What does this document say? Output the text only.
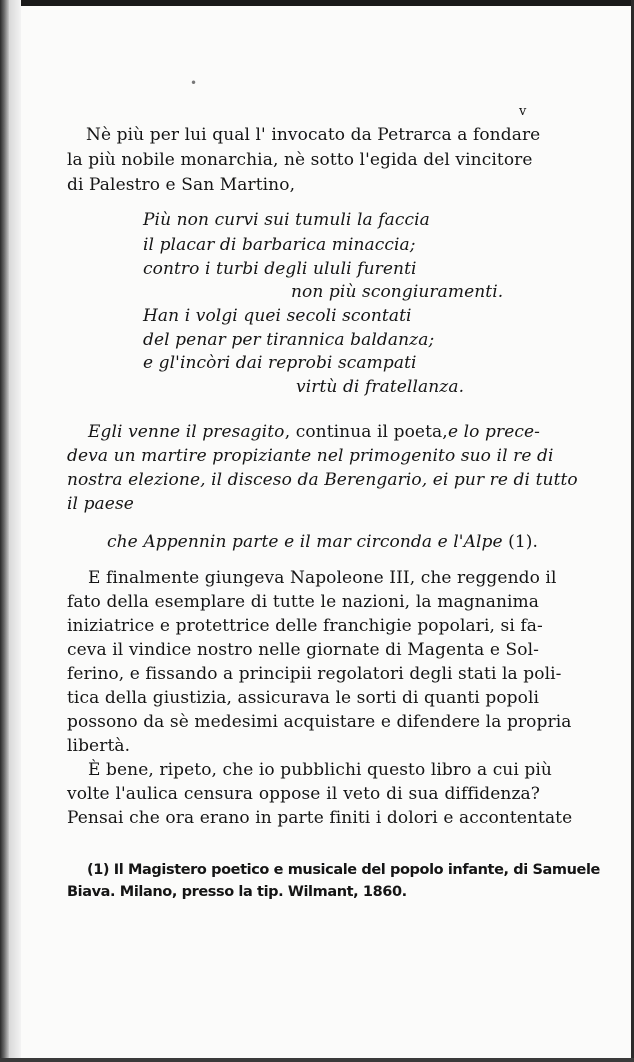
•
v
Nè più per lui qual l' invocato da Petrarca a fondare
la più nobile monarchia, nè sotto l'egida del vincitore
di Palestro e San Martino,
Più non curvi sui tumuli la faccia
il placar di barbarica minaccia;
contro i turbi degli ululi furenti
non più scongiuramenti.
Han i volgi quei secoli scontati
del penar per tirannica baldanza;
e gl'incòri dai reprobi scampati
virtù di fratellanza.
Egli venne il presagito , continua il poeta, e lo prece-
deva un martire propiziante nel primogenito suo il re di
nostra elezione, il disceso da Berengario, ei pur re di tutto
il paese
che Appennin parte e il mar circonda e l'Alpe (1).
E finalmente giungeva Napoleone III, che reggendo il
fato della esemplare di tutte le nazioni, la magnanima
iniziatrice e protettrice delle franchigie popolari, si fa-
ceva il vindice nostro nelle giornate di Magenta e Sol-
ferino, e fissando a principii regolatori degli stati la poli-
tica della giustizia, assicurava le sorti di quanti popoli
possono da sè medesimi acquistare e difendere la propria
libertà.
È bene, ripeto, che io pubblichi questo libro a cui più
volte l'aulica censura oppose il veto di sua diffidenza?
Pensai che ora erano in parte finiti i dolori e accontentate
(1) Il Magistero poetico e musicale del popolo infante, di Samuele
Biava. Milano, presso la tip. Wilmant, 1860.
